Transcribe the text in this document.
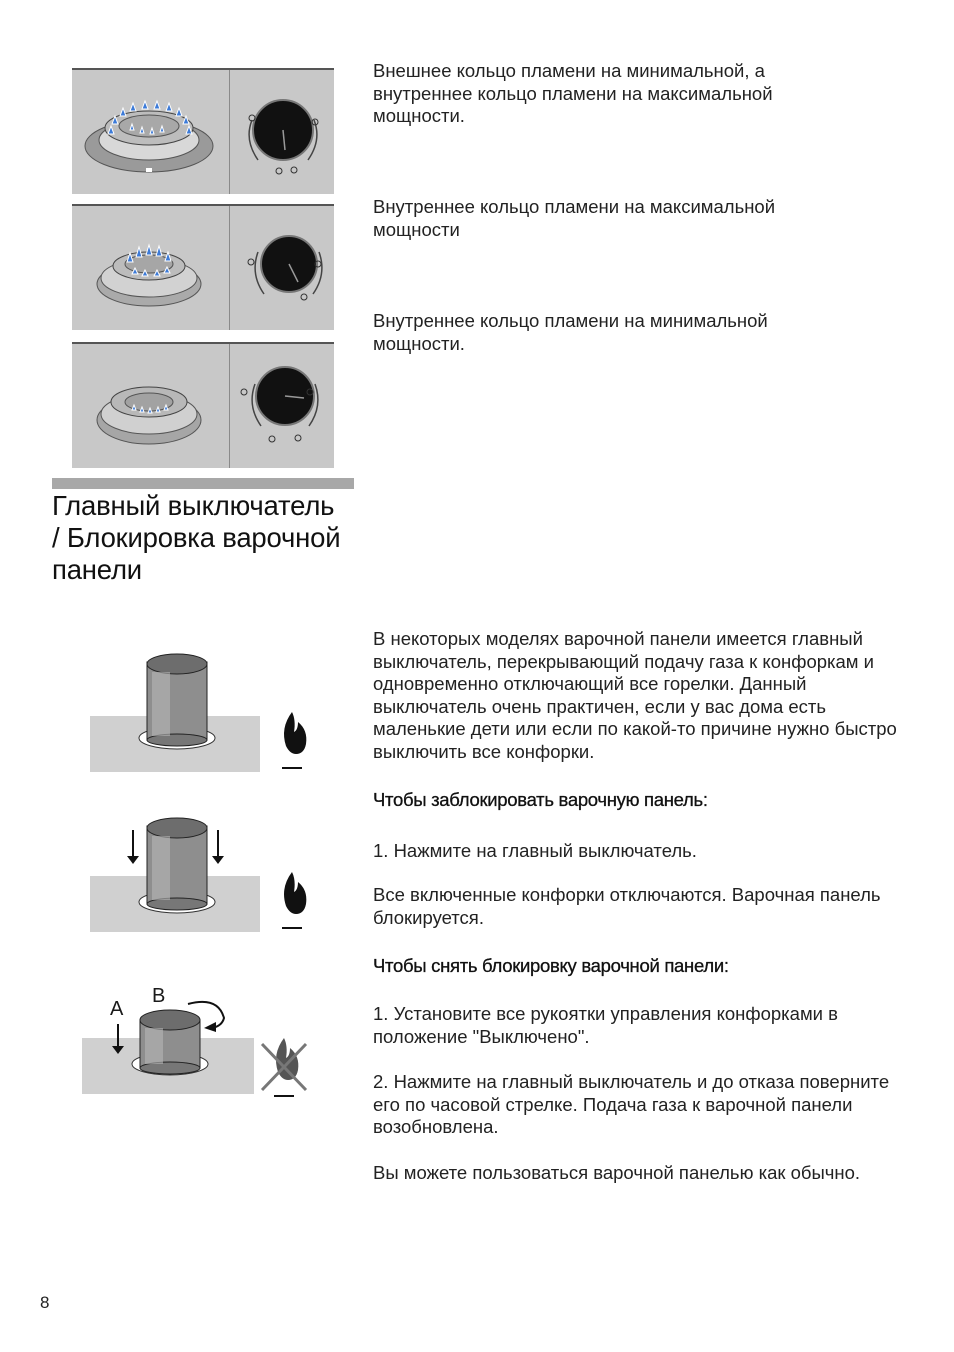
Внешнее кольцо пламени на минимальной, а внутреннее кольцо пламени на максимальной мощности.
Внутреннее кольцо пламени на максимальной мощности
Внутреннее кольцо пламени на минимальной мощности.
Главный выключатель / Блокировка варочной панели
A
B
В некоторых моделях варочной панели имеется главный выключатель, перекрывающий подачу газа к конфоркам и одновременно отключающий все горелки. Данный выключатель очень практичен, если у вас дома есть маленькие дети или если по какой-то причине нужно быстро выключить все конфорки.
Чтобы заблокировать варочную панель:
1. Нажмите на главный выключатель.
Все включенные конфорки отключаются. Варочная панель блокируется.
Чтобы снять блокировку варочной панели:
1. Установите все рукоятки управления конфорками в положение "Выключено".
2. Нажмите на главный выключатель и до отказа поверните его по часовой стрелке. Подача газа к варочной панели возобновлена.
Вы можете пользоваться варочной панелью как обычно.
8
